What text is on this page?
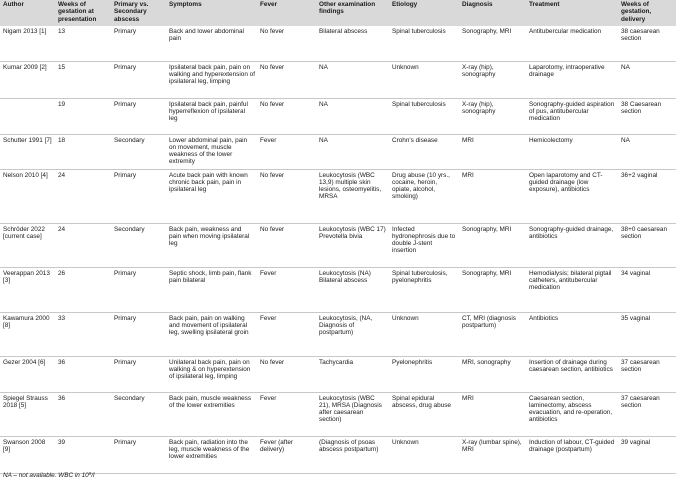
Author	Weeks of gestation at presentation	Primary vs. Secondary abscess	Symptoms	Fever	Other examination findings	Etiology	Diagnosis	Treatment	Weeks of gestation, delivery
Nigam 2013 [1]	13	Primary	Back and lower abdominal pain	No fever	Bilateral abscess	Spinal tuberculosis	Sonography, MRI	Antitubercular medication	38 caesarean section
Kumar 2009 [2]	15	Primary	Ipsilateral back pain, pain on walking and hyperextension of ipsilateral leg, limping	No fever	NA	Unknown	X-ray (hip), sonography	Laparotomy, intraoperative drainage	NA
	19	Primary	Ipsilateral back pain, painful hyperreflexion of ipsilateral leg	No fever	NA	Spinal tuberculosis	X-ray (hip), sonography	Sonography-guided aspiration of pus, antitubercular medication	38 Caesarean section
Schutter 1991 [7]	18	Secondary	Lower abdominal pain, pain on movement, muscle weakness of the lower extremity	Fever	NA	Crohn's disease	MRI	Hemicolectomy	NA
Nelson 2010 [4]	24	Primary	Acute back pain with known chronic back pain, pain in ipsilateral leg	No fever	Leukocytosis (WBC 13,9) multiple skin lesions, osteomyelitis, MRSA	Drug abuse (10 yrs., cocaine, heroin, opiate, alcohol, smoking)	MRI	Open laparotomy and CT-guided drainage (low exposure), antibiotics	36+2 vaginal
Schröder 2022 [current case]	24	Secondary	Back pain, weakness and pain when moving ipsilateral leg	No fever	Leukocytosis (WBC 17) Prevotella bivia	Infected hydronephrosis due to double J-stent insertion	Sonography, MRI	Sonography-guided drainage, antibiotics	38+0 caesarean section
Veerappan 2013 [3]	26	Primary	Septic shock, limb pain, flank pain bilateral	Fever	Leukocytosis (NA) Bilateral abscess	Spinal tuberculosis, pyelonephritis	Sonography, MRI	Hemodialysis; bilateral pigtail catheters, antitubercular medication	34 vaginal
Kawamura 2000 [8]	33	Primary	Back pain, pain on walking and movement of ipsilateral leg, swelling ipsilateral groin	Fever	Leukocytosis, (NA, Diagnosis of postpartum)	Unknown	CT, MRI (diagnosis postpartum)	Antibiotics	35 vaginal
Gezer 2004 [6]	36	Primary	Unilateral back pain, pain on walking & on hyperextension of ipsilateral leg, limping	No fever	Tachycardia	Pyelonephritis	MRI, sonography	Insertion of drainage during caesarean section, antibiotics	37 caesarean section
Spiegel Strauss 2018 [5]	36	Secondary	Back pain, muscle weakness of the lower extremities	Fever	Leukocytosis (WBC 21), MRSA (Diagnosis after caesarean section)	Spinal epidural abscess, drug abuse	MRI	Caesarean section, laminectomy, abscess evacuation, and re-operation, antibiotics	37 caesarean section
Swanson 2008 [9]	39	Primary	Back pain, radiation into the leg, muscle weakness of the lower extremities	Fever (after delivery)	(Diagnosis of psoas abscess postpartum)	Unknown	X-ray (lumbar spine), MRI	Induction of labour, CT-guided drainage (postpartum)	39 vaginal
NA – not available. WBC in $10^9/l$
